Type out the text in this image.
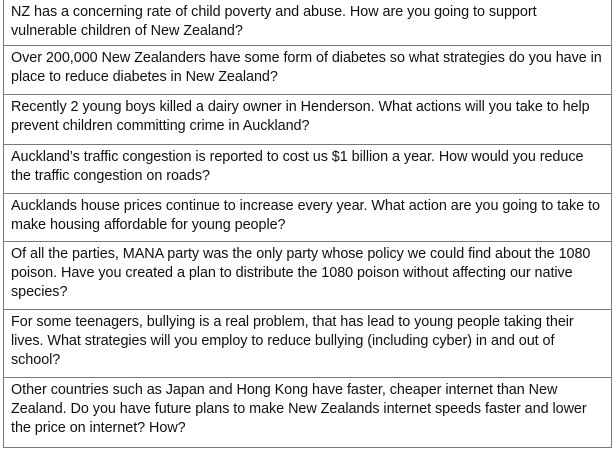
NZ has a concerning rate of child poverty and abuse. How are you going to support vulnerable children of New Zealand?
Over 200,000 New Zealanders have some form of diabetes so what strategies do you have in place to reduce diabetes in New Zealand?
Recently 2 young boys killed a dairy owner in Henderson. What actions will you take to help prevent children committing crime in Auckland?
Auckland’s traffic congestion is reported to cost us $1 billion a year. How would you reduce the traffic congestion on roads?
Aucklands house prices continue to increase every year. What action are you going to take to make housing affordable for young people?
Of all the parties, MANA party was the only party whose policy we could find about the 1080 poison. Have you created a plan to distribute the 1080 poison without affecting our native species?
For some teenagers, bullying is a real problem, that has lead to young people taking their lives. What strategies will you employ to reduce bullying (including cyber) in and out of school?
Other countries such as Japan and Hong Kong have faster, cheaper internet than New Zealand. Do you have future plans to make New Zealands internet speeds faster and lower the price on internet? How?
